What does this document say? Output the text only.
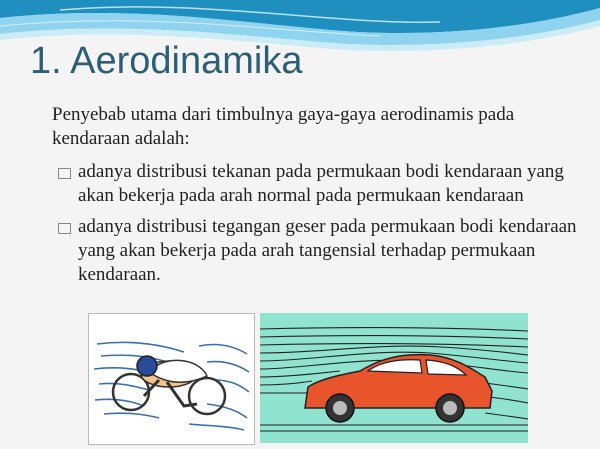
1. Aerodinamika
Penyebab utama dari timbulnya gaya-gaya aerodinamis pada kendaraan adalah:
adanya distribusi tekanan pada permukaan bodi kendaraan yang akan bekerja pada arah normal pada permukaan kendaraan
adanya distribusi tegangan geser pada permukaan bodi kendaraan yang akan bekerja pada arah tangensial terhadap permukaan kendaraan.
